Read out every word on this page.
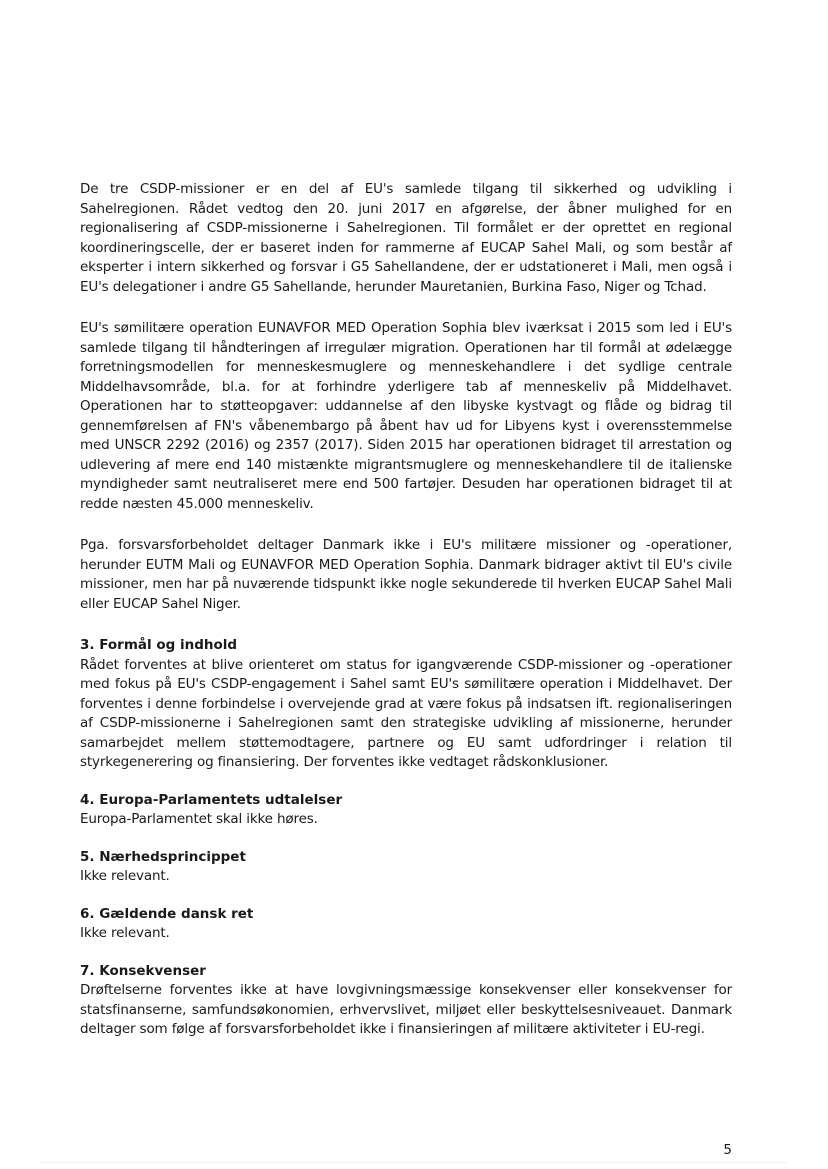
De tre CSDP-missioner er en del af EU's samlede tilgang til sikkerhed og udvikling i Sahelregionen. Rådet vedtog den 20. juni 2017 en afgørelse, der åbner mulighed for en regionalisering af CSDP-missionerne i Sahelregionen. Til formålet er der oprettet en regional koordineringscelle, der er baseret inden for rammerne af EUCAP Sahel Mali, og som består af eksperter i intern sikkerhed og forsvar i G5 Sahellandene, der er udstationeret i Mali, men også i EU's delegationer i andre G5 Sahellande, herunder Mauretanien, Burkina Faso, Niger og Tchad.

EU's sømilitære operation EUNAVFOR MED Operation Sophia blev iværksat i 2015 som led i EU's samlede tilgang til håndteringen af irregulær migration. Operationen har til formål at ødelægge forretningsmodellen for menneskesmuglere og menneskehandlere i det sydlige centrale Middelhavsområde, bl.a. for at forhindre yderligere tab af menneskeliv på Middelhavet. Operationen har to støtteopgaver: uddannelse af den libyske kystvagt og flåde og bidrag til gennemførelsen af FN's våbenembargo på åbent hav ud for Libyens kyst i overensstemmelse med UNSCR 2292 (2016) og 2357 (2017). Siden 2015 har operationen bidraget til arrestation og udlevering af mere end 140 mistænkte migrantsmuglere og menneskehandlere til de italienske myndigheder samt neutraliseret mere end 500 fartøjer. Desuden har operationen bidraget til at redde næsten 45.000 menneskeliv.

Pga. forsvarsforbeholdet deltager Danmark ikke i EU's militære missioner og -operationer, herunder EUTM Mali og EUNAVFOR MED Operation Sophia. Danmark bidrager aktivt til EU's civile missioner, men har på nuværende tidspunkt ikke nogle sekunderede til hverken EUCAP Sahel Mali eller EUCAP Sahel Niger.

3. Formål og indhold

Rådet forventes at blive orienteret om status for igangværende CSDP-missioner og -operationer med fokus på EU's CSDP-engagement i Sahel samt EU's sømilitære operation i Middelhavet. Der forventes i denne forbindelse i overvejende grad at være fokus på indsatsen ift. regionaliseringen af CSDP-missionerne i Sahelregionen samt den strategiske udvikling af missionerne, herunder samarbejdet mellem støttemodtagere, partnere og EU samt udfordringer i relation til styrkegenerering og finansiering. Der forventes ikke vedtaget rådskonklusioner.

4. Europa-Parlamentets udtalelser

Europa-Parlamentet skal ikke høres.

5. Nærhedsprincippet

Ikke relevant.

6. Gældende dansk ret

Ikke relevant.

7. Konsekvenser

Drøftelserne forventes ikke at have lovgivningsmæssige konsekvenser eller konsekvenser for statsfinanserne, samfundsøkonomien, erhvervslivet, miljøet eller beskyttelsesniveauet. Danmark deltager som følge af forsvarsforbeholdet ikke i finansieringen af militære aktiviteter i EU-regi.

5
